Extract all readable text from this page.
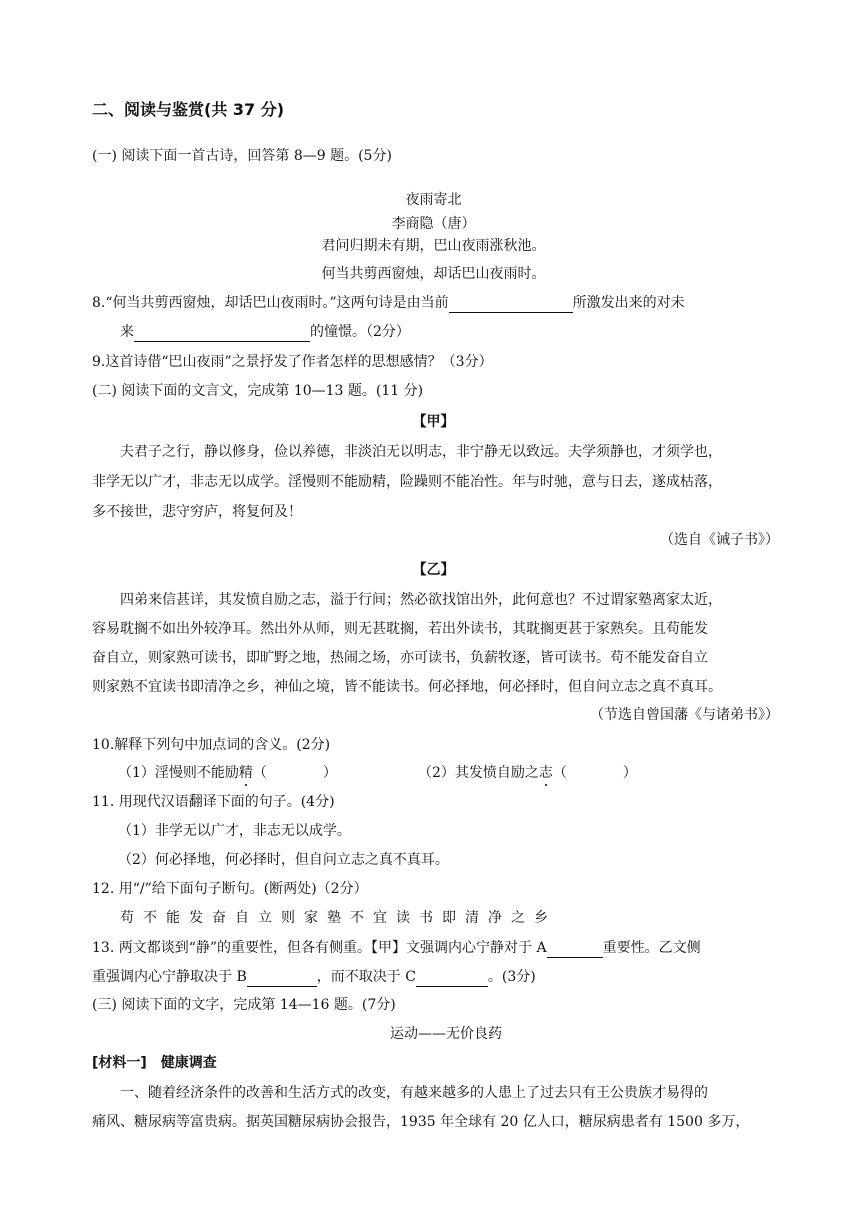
二、阅读与鉴赏(共 37 分)
(一) 阅读下面一首古诗，回答第 8—9 题。(5分)
夜雨寄北
李商隐（唐）
君问归期未有期，巴山夜雨涨秋池。
何当共剪西窗烛，却话巴山夜雨时。
8.“何当共剪西窗烛，却话巴山夜雨时。”这两句诗是由当前	所激发出来的对未
来	的憧憬。（2分）
9.这首诗借“巴山夜雨”之景抒发了作者怎样的思想感情？（3分）
(二) 阅读下面的文言文，完成第 10—13 题。(11 分)
【甲】
夫君子之行，静以修身，俭以养德，非淡泊无以明志，非宁静无以致远。夫学须静也，才须学也，
非学无以广才，非志无以成学。淫慢则不能励精，险躁则不能冶性。年与时驰，意与日去，遂成枯落，
多不接世，悲守穷庐，将复何及！
（选自《诫子书》）
【乙】
四弟来信甚详，其发愤自励之志，溢于行间；然必欲找馆出外，此何意也？不过谓家塾离家太近，
容易耽搁不如出外较净耳。然出外从师，则无甚耽搁，若出外读书，其耽搁更甚于家熟矣。且苟能发
奋自立，则家熟可读书，即旷野之地，热闹之场，亦可读书，负薪牧逐，皆可读书。苟不能发奋自立
则家熟不宜读书即清净之乡，神仙之境，皆不能读书。何必择地，何必择时，但自问立志之真不真耳。
（节选自曾国藩《与诸弟书》）
10.解释下列句中加点词的含义。(2分)
（1）淫慢则不能励精（　　　　）	（2）其发愤自励之志（　　　　）
11. 用现代汉语翻译下面的句子。(4分)
（1）非学无以广才，非志无以成学。
（2）何必择地，何必择时，但自问立志之真不真耳。
12. 用“/”给下面句子断句。(断两处)（2分）
苟不能发奋自立则家塾不宜读书即清净之乡
13. 两文都谈到“静”的重要性，但各有侧重。【甲】文强调内心宁静对于 A	重要性。乙文侧
重强调内心宁静取决于 B	，而不取决于 C	。(3分)
(三) 阅读下面的文字，完成第 14—16 题。(7分)
运动——无价良药
[材料一]　健康调查
一、随着经济条件的改善和生活方式的改变，有越来越多的人患上了过去只有王公贵族才易得的
痛风、糖尿病等富贵病。据英国糖尿病协会报告，1935 年全球有 20 亿人口，糖尿病患者有 1500 多万，
